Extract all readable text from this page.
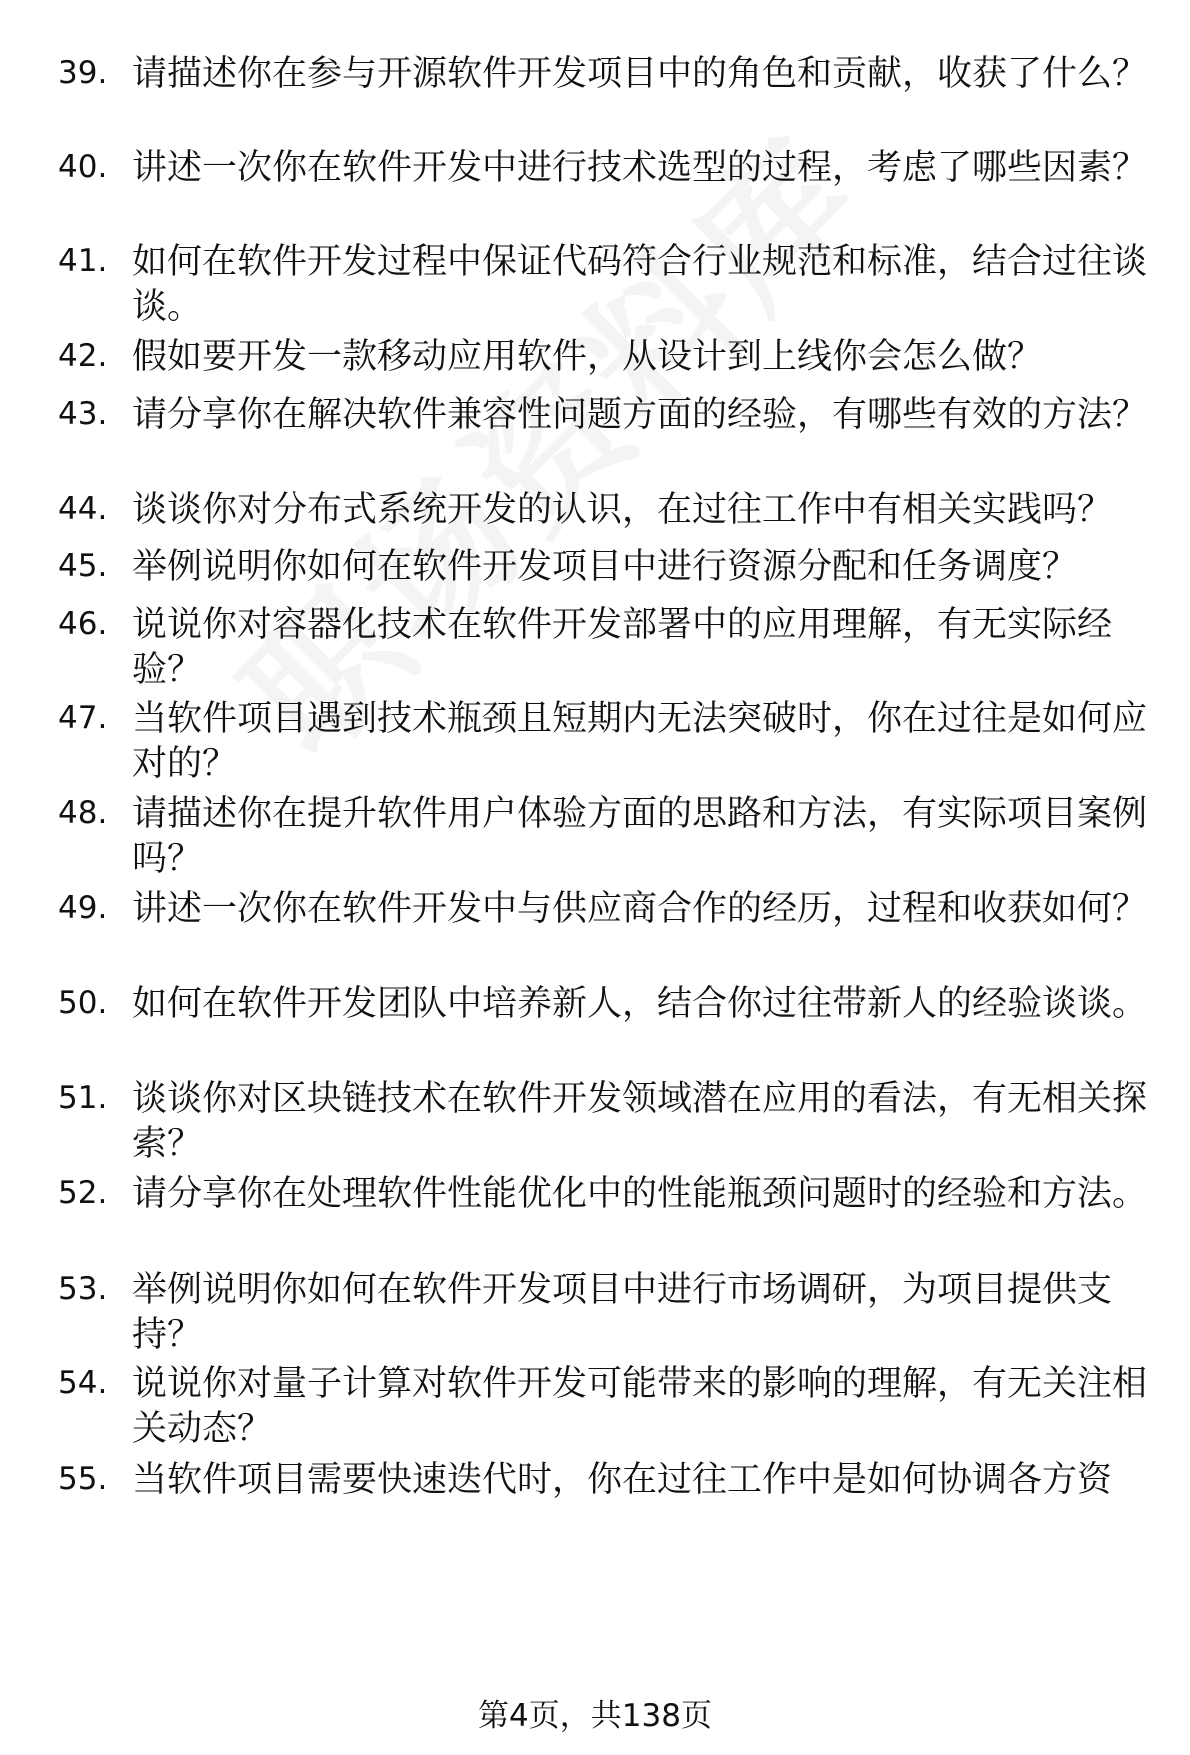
39. 请描述你在参与开源软件开发项目中的角色和贡献，收获了什么？
40. 讲述一次你在软件开发中进行技术选型的过程，考虑了哪些因素？
41. 如何在软件开发过程中保证代码符合行业规范和标准，结合过往谈谈。
42. 假如要开发一款移动应用软件，从设计到上线你会怎么做？
43. 请分享你在解决软件兼容性问题方面的经验，有哪些有效的方法？
44. 谈谈你对分布式系统开发的认识，在过往工作中有相关实践吗？
45. 举例说明你如何在软件开发项目中进行资源分配和任务调度？
46. 说说你对容器化技术在软件开发部署中的应用理解，有无实际经验？
47. 当软件项目遇到技术瓶颈且短期内无法突破时，你在过往是如何应对的？
48. 请描述你在提升软件用户体验方面的思路和方法，有实际项目案例吗？
49. 讲述一次你在软件开发中与供应商合作的经历，过程和收获如何？
50. 如何在软件开发团队中培养新人，结合你过往带新人的经验谈谈。
51. 谈谈你对区块链技术在软件开发领域潜在应用的看法，有无相关探索？
52. 请分享你在处理软件性能优化中的性能瓶颈问题时的经验和方法。
53. 举例说明你如何在软件开发项目中进行市场调研，为项目提供支持？
54. 说说你对量子计算对软件开发可能带来的影响的理解，有无关注相关动态？
55. 当软件项目需要快速迭代时，你在过往工作中是如何协调各方资
第4页，共138页
